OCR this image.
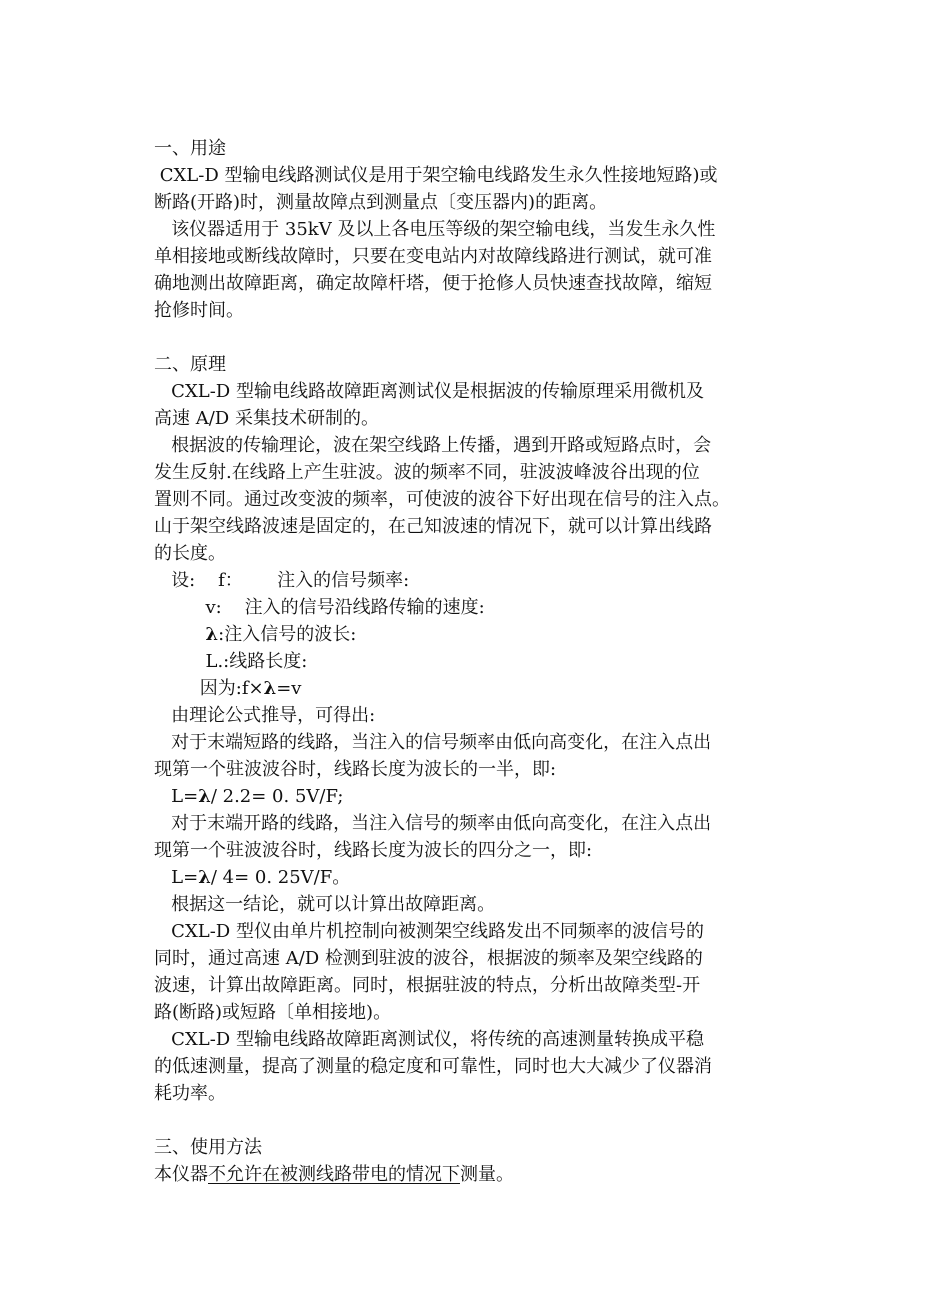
一、用途

CXL-D 型输电线路测试仪是用于架空输电线路发生永久性接地短路)或

断路(开路)时，测量故障点到测量点〔变压器内)的距离。

该仪器适用于 35kV 及以上各电压等级的架空输电线，当发生永久性

单相接地或断线故障时，只要在变电站内对故障线路进行测试，就可准

确地测出故障距离，确定故障杆塔，便于抢修人员快速查找故障，缩短

抢修时间。

二、原理

CXL-D 型输电线路故障距离测试仪是根据波的传输原理采用微机及

高速 A/D 采集技术研制的。

根据波的传输理论，波在架空线路上传播，遇到开路或短路点时，会

发生反射.在线路上产生驻波。波的频率不同，驻波波峰波谷出现的位

置则不同。通过改变波的频率，可使波的波谷下好出现在信号的注入点。

山于架空线路波速是固定的，在己知波速的情况下，就可以计算出线路

的长度。

设:    f：      注入的信号频率:

v:    注入的信号沿线路传输的速度:

λ:注入信号的波长:

L.:线路长度:

因为:f×λ=v

由理论公式推导，可得出:

对于末端短路的线路，当注入的信号频率由低向高变化，在注入点出

现第一个驻波波谷时，线路长度为波长的一半，即:

L=λ/ 2.2= 0. 5V/F;

对于末端开路的线路，当注入信号的频率由低向高变化，在注入点出

现第一个驻波波谷时，线路长度为波长的四分之一，即:

L=λ/ 4= 0. 25V/F。

根据这一结论，就可以计算出故障距离。

CXL-D 型仪由单片机控制向被测架空线路发出不同频率的波信号的

同时，通过高速 A/D 检测到驻波的波谷，根据波的频率及架空线路的

波速，计算出故障距离。同时，根据驻波的特点，分析出故障类型-开

路(断路)或短路〔单相接地)。

CXL-D 型输电线路故障距离测试仪，将传统的高速测量转换成平稳

的低速测量，提高了测量的稳定度和可靠性，同时也大大减少了仪器消

耗功率。

三、使用方法

本仪器不允许在被测线路带电的情况下测量。
